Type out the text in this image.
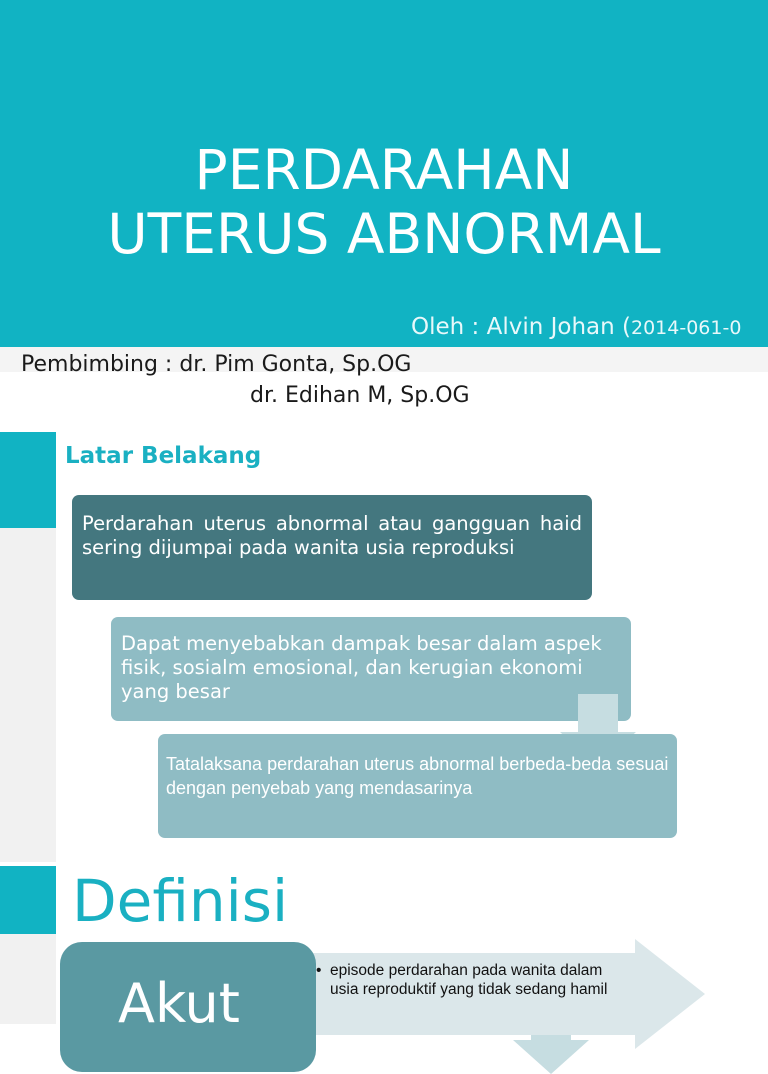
PERDARAHAN
UTERUS ABNORMAL
Oleh : Alvin Johan (2014-061-0
Pembimbing : dr. Pim Gonta, Sp.OG
dr. Edihan M, Sp.OG
Latar Belakang
Perdarahan uterus abnormal atau gangguan haid sering dijumpai pada wanita usia reproduksi
Dapat menyebabkan dampak besar dalam aspek fisik, sosialm emosional, dan kerugian ekonomi yang besar
Tatalaksana perdarahan uterus abnormal berbeda-beda sesuai dengan penyebab yang mendasarinya
Definisi
Akut
• episode perdarahan pada wanita dalam usia reproduktif yang tidak sedang hamil
